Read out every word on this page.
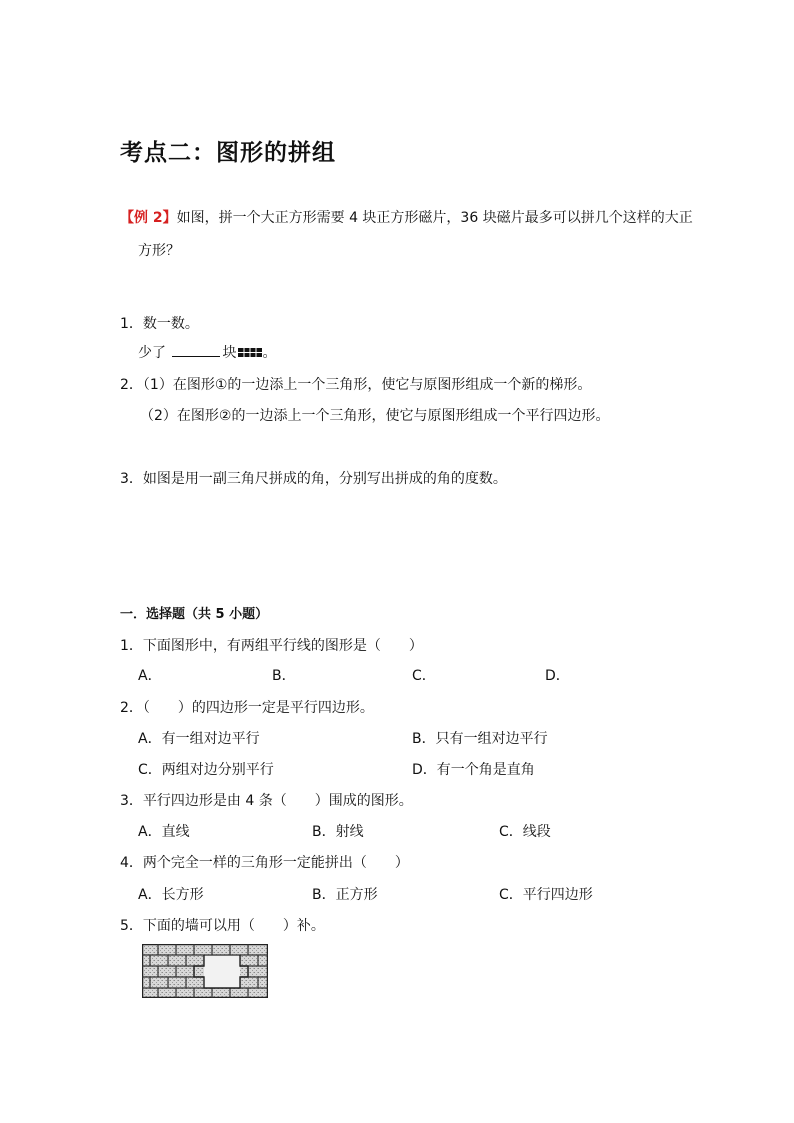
考点二：图形的拼组
【例 2】如图，拼一个大正方形需要 4 块正方形磁片，36 块磁片最多可以拼几个这样的大正
方形？
1．数一数。
少了	块 。
2．（1）在图形①的一边添上一个三角形，使它与原图形组成一个新的梯形。
（2）在图形②的一边添上一个三角形，使它与原图形组成一个平行四边形。
3．如图是用一副三角尺拼成的角，分别写出拼成的角的度数。
一．选择题（共 5 小题）
1．下面图形中，有两组平行线的图形是（　　）
A．	B．	C．	D．
2．（　　）的四边形一定是平行四边形。
A．有一组对边平行	B．只有一组对边平行
C．两组对边分别平行	D．有一个角是直角
3．平行四边形是由 4 条（　　）围成的图形。
A．直线	B．射线	C．线段
4．两个完全一样的三角形一定能拼出（　　）
A．长方形	B．正方形	C．平行四边形
5．下面的墙可以用（　　）补。
